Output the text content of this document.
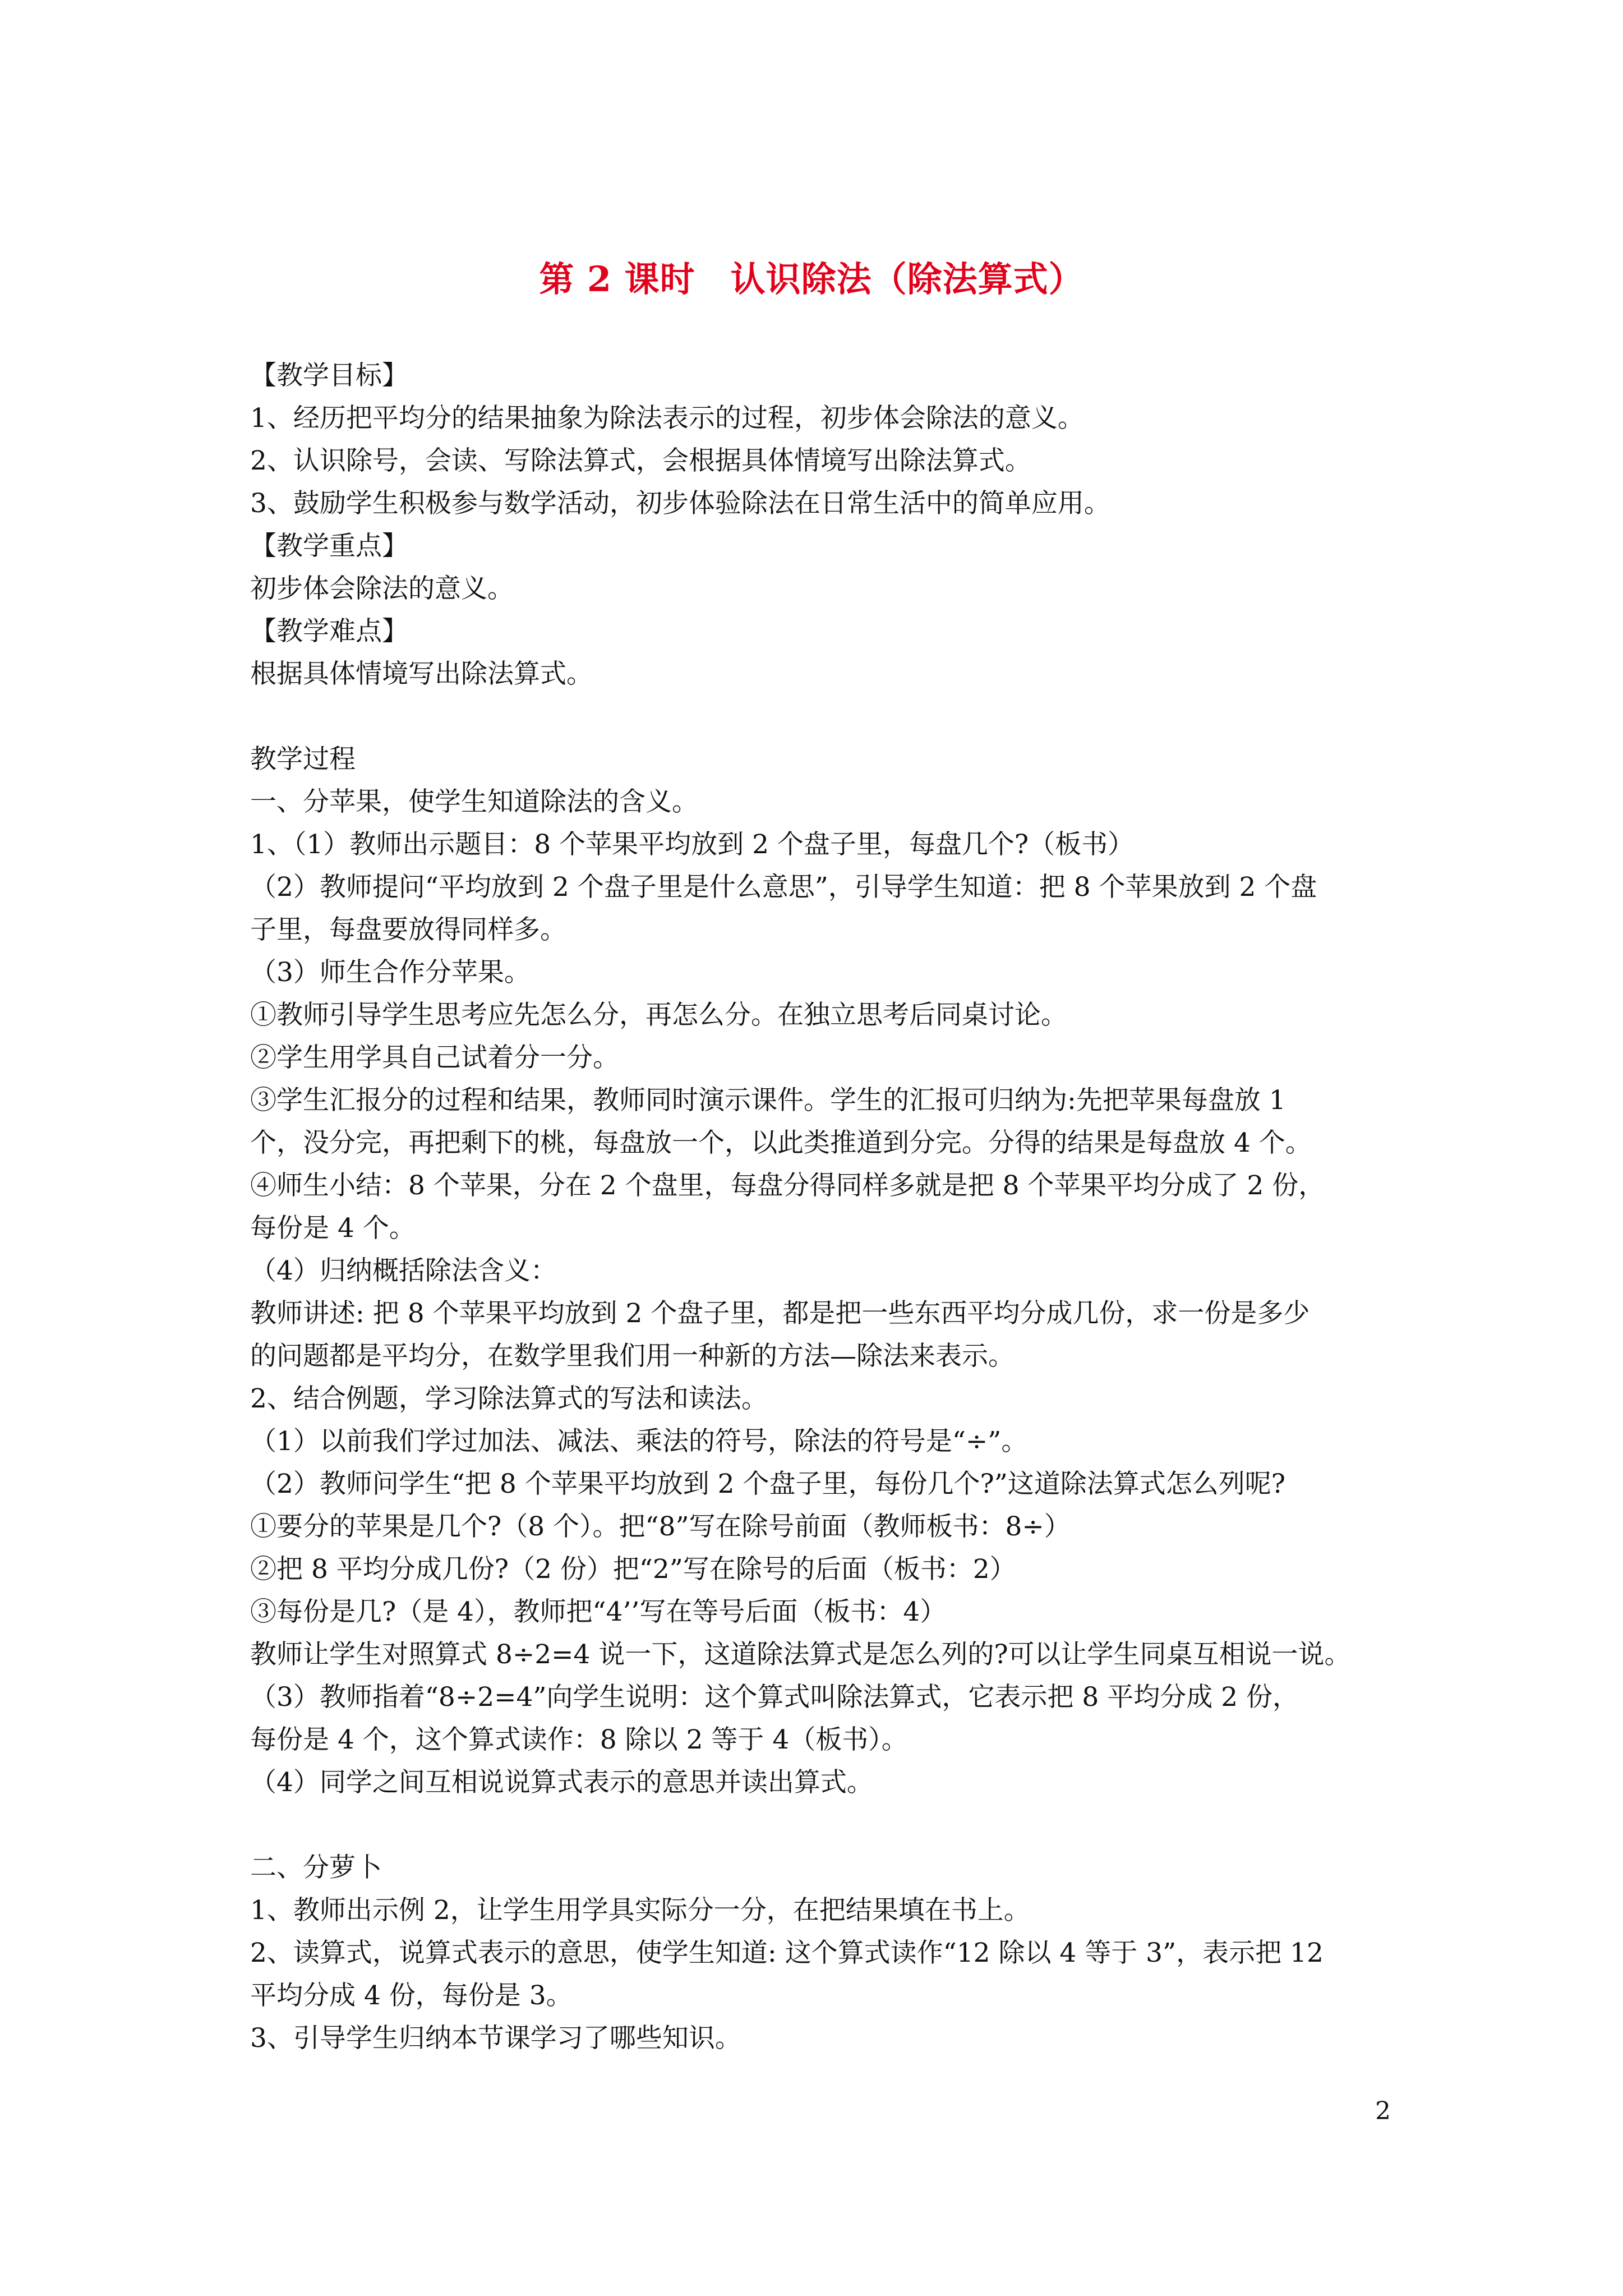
第 2 课时　认识除法（除法算式）
【教学目标】
1、经历把平均分的结果抽象为除法表示的过程，初步体会除法的意义。
2、认识除号，会读、写除法算式，会根据具体情境写出除法算式。
3、鼓励学生积极参与数学活动，初步体验除法在日常生活中的简单应用。
【教学重点】
初步体会除法的意义。
【教学难点】
根据具体情境写出除法算式。
教学过程
一、分苹果，使学生知道除法的含义。
1、（1）教师出示题目：8 个苹果平均放到 2 个盘子里，每盘几个?（板书）
（2）教师提问“平均放到 2 个盘子里是什么意思”，引导学生知道：把 8 个苹果放到 2 个盘
子里，每盘要放得同样多。
（3）师生合作分苹果。
①教师引导学生思考应先怎么分，再怎么分。在独立思考后同桌讨论。
②学生用学具自己试着分一分。
③学生汇报分的过程和结果，教师同时演示课件。学生的汇报可归纳为:先把苹果每盘放 1
个，没分完，再把剩下的桃，每盘放一个，以此类推道到分完。分得的结果是每盘放 4 个。
④师生小结：8 个苹果，分在 2 个盘里，每盘分得同样多就是把 8 个苹果平均分成了 2 份，
每份是 4 个。
（4）归纳概括除法含义：
教师讲述: 把 8 个苹果平均放到 2 个盘子里，都是把一些东西平均分成几份，求一份是多少
的问题都是平均分，在数学里我们用一种新的方法—除法来表示。
2、结合例题，学习除法算式的写法和读法。
（1）以前我们学过加法、减法、乘法的符号，除法的符号是“÷”。
（2）教师问学生“把 8 个苹果平均放到 2 个盘子里，每份几个?”这道除法算式怎么列呢?
①要分的苹果是几个?（8 个）。把“8”写在除号前面（教师板书：8÷）
②把 8 平均分成几份?（2 份）把“2”写在除号的后面（板书：2）
③每份是几?（是 4），教师把“4’’写在等号后面（板书：4）
教师让学生对照算式 8÷2=4 说一下，这道除法算式是怎么列的?可以让学生同桌互相说一说。
（3）教师指着“8÷2=4”向学生说明：这个算式叫除法算式，它表示把 8 平均分成 2 份，
每份是 4 个，这个算式读作：8 除以 2 等于 4（板书）。
（4）同学之间互相说说算式表示的意思并读出算式。
二、分萝卜
1、教师出示例 2，让学生用学具实际分一分，在把结果填在书上。
2、读算式，说算式表示的意思，使学生知道: 这个算式读作“12 除以 4 等于 3”，表示把 12
平均分成 4 份，每份是 3。
3、引导学生归纳本节课学习了哪些知识。
2
